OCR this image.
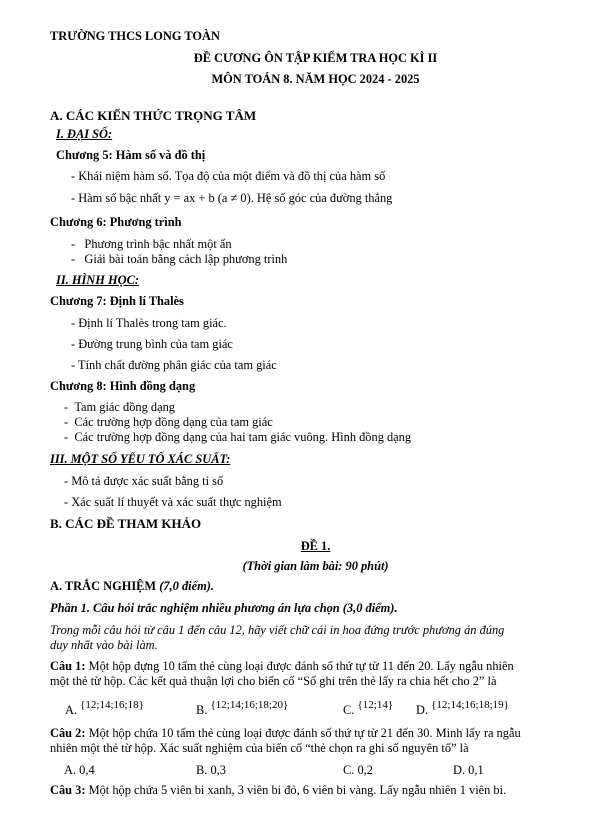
TRƯỜNG THCS LONG TOÀN
ĐỀ CƯƠNG ÔN TẬP KIỂM TRA HỌC KÌ II
MÔN TOÁN 8. NĂM HỌC 2024 - 2025
A. CÁC KIẾN THỨC TRỌNG TÂM
I. ĐẠI SỐ:
Chương 5: Hàm số và đồ thị
- Khái niệm hàm số. Tọa độ của một điểm và đồ thị của hàm số
- Hàm số bậc nhất y = ax + b (a ≠ 0). Hệ số góc của đường thẳng
Chương 6: Phương trình
-   Phương trình bậc nhất một ẩn
-   Giải bài toán bằng cách lập phương trình
II. HÌNH HỌC:
Chương 7: Định lí Thalès
- Định lí Thalès trong tam giác.
- Đường trung bình của tam giác
- Tính chất đường phân giác của tam giác
Chương 8: Hình đồng dạng
-  Tam giác đồng dạng
-  Các trường hợp đồng dạng của tam giác
-  Các trường hợp đồng dạng của hai tam giác vuông. Hình đồng dạng
III. MỘT SỐ YẾU TỐ XÁC SUẤT:
- Mô tả được xác suất bằng tỉ số
- Xác suất lí thuyết và xác suất thực nghiệm
B. CÁC ĐỀ THAM KHẢO
ĐỀ 1.
(Thời gian làm bài: 90 phút)
A. TRẮC NGHIỆM (7,0 điểm).
Phần 1. Câu hỏi trắc nghiệm nhiều phương án lựa chọn (3,0 điểm).
Trong mỗi câu hỏi từ câu 1 đến câu 12, hãy viết chữ cái in hoa đứng trước phương án đúng
duy nhất vào bài làm.
Câu 1: Một hộp đựng 10 tấm thẻ cùng loại được đánh số thứ tự từ 11 đến 20. Lấy ngẫu nhiên
một thẻ từ hộp. Các kết quả thuận lợi cho biến cố “Số ghi trên thẻ lấy ra chia hết cho 2” là
A. {12;14;16;18}	B. {12;14;16;18;20}	C. {12;14} D. {12;14;16;18;19}
Câu 2: Một hộp chứa 10 tấm thẻ cùng loại được đánh số thứ tự từ 21 đến 30. Minh lấy ra ngẫu
nhiên một thẻ từ hộp. Xác suất nghiệm của biến cố “thẻ chọn ra ghi số nguyên tố” là
A. 0,4	B. 0,3	C. 0,2	D. 0,1
Câu 3: Một hộp chứa 5 viên bi xanh, 3 viên bi đỏ, 6 viên bi vàng. Lấy ngẫu nhiên 1 viên bi.
